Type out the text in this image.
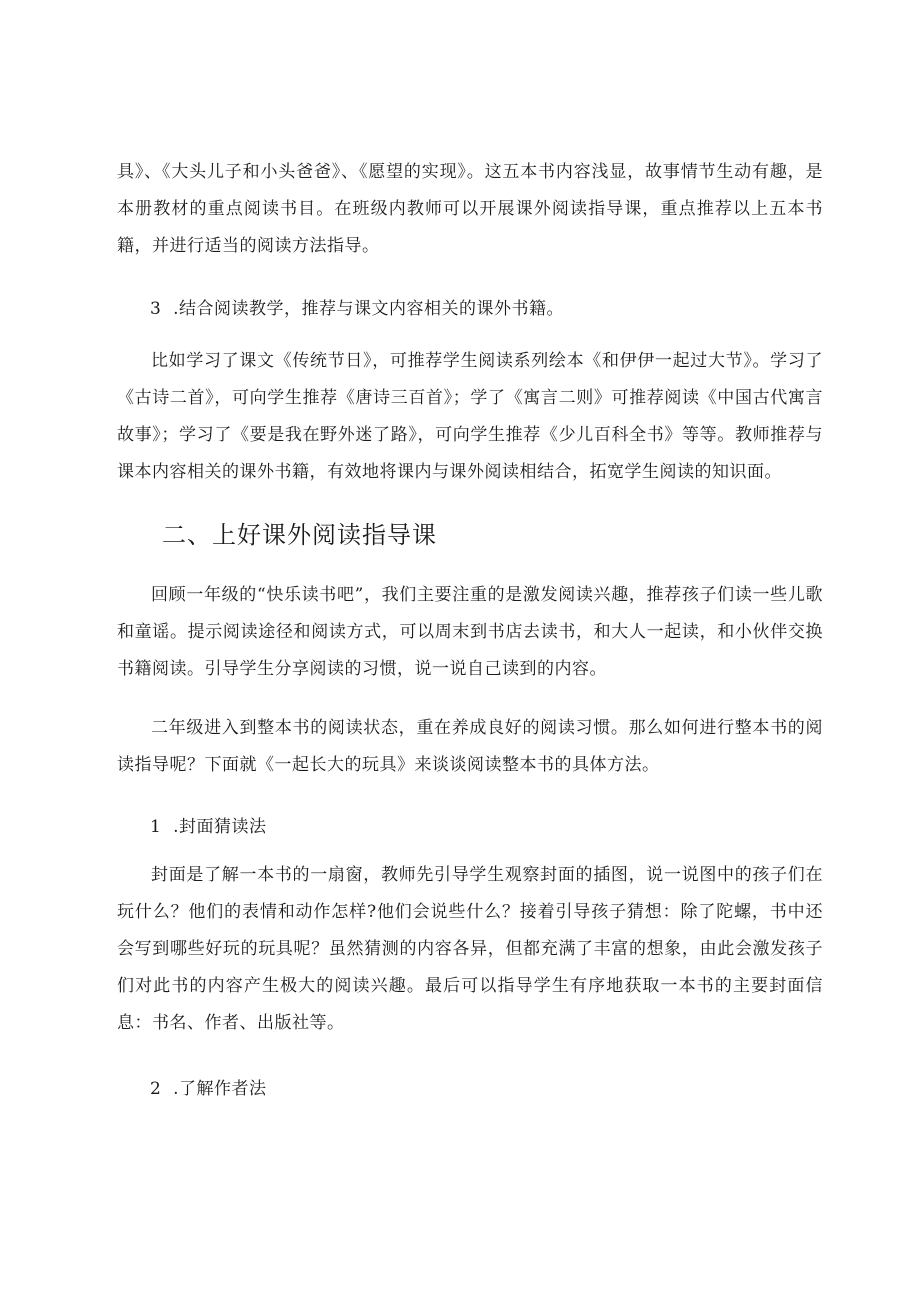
具》、《大头儿子和小头爸爸》、《愿望的实现》。这五本书内容浅显，故事情节生动有趣，是本册教材的重点阅读书目。在班级内教师可以开展课外阅读指导课，重点推荐以上五本书籍，并进行适当的阅读方法指导。

3  .结合阅读教学，推荐与课文内容相关的课外书籍。

比如学习了课文《传统节日》，可推荐学生阅读系列绘本《和伊伊一起过大节》。学习了《古诗二首》，可向学生推荐《唐诗三百首》；学了《寓言二则》可推荐阅读《中国古代寓言故事》；学习了《要是我在野外迷了路》，可向学生推荐《少儿百科全书》等等。教师推荐与课本内容相关的课外书籍，有效地将课内与课外阅读相结合，拓宽学生阅读的知识面。

二、上好课外阅读指导课

回顾一年级的“快乐读书吧”，我们主要注重的是激发阅读兴趣，推荐孩子们读一些儿歌和童谣。提示阅读途径和阅读方式，可以周末到书店去读书，和大人一起读，和小伙伴交换书籍阅读。引导学生分享阅读的习惯，说一说自己读到的内容。

二年级进入到整本书的阅读状态，重在养成良好的阅读习惯。那么如何进行整本书的阅读指导呢？下面就《一起长大的玩具》来谈谈阅读整本书的具体方法。

1  .封面猜读法

封面是了解一本书的一扇窗，教师先引导学生观察封面的插图，说一说图中的孩子们在玩什么？他们的表情和动作怎样?他们会说些什么？接着引导孩子猜想：除了陀螺，书中还会写到哪些好玩的玩具呢？虽然猜测的内容各异，但都充满了丰富的想象，由此会激发孩子们对此书的内容产生极大的阅读兴趣。最后可以指导学生有序地获取一本书的主要封面信息：书名、作者、出版社等。

2  .了解作者法
